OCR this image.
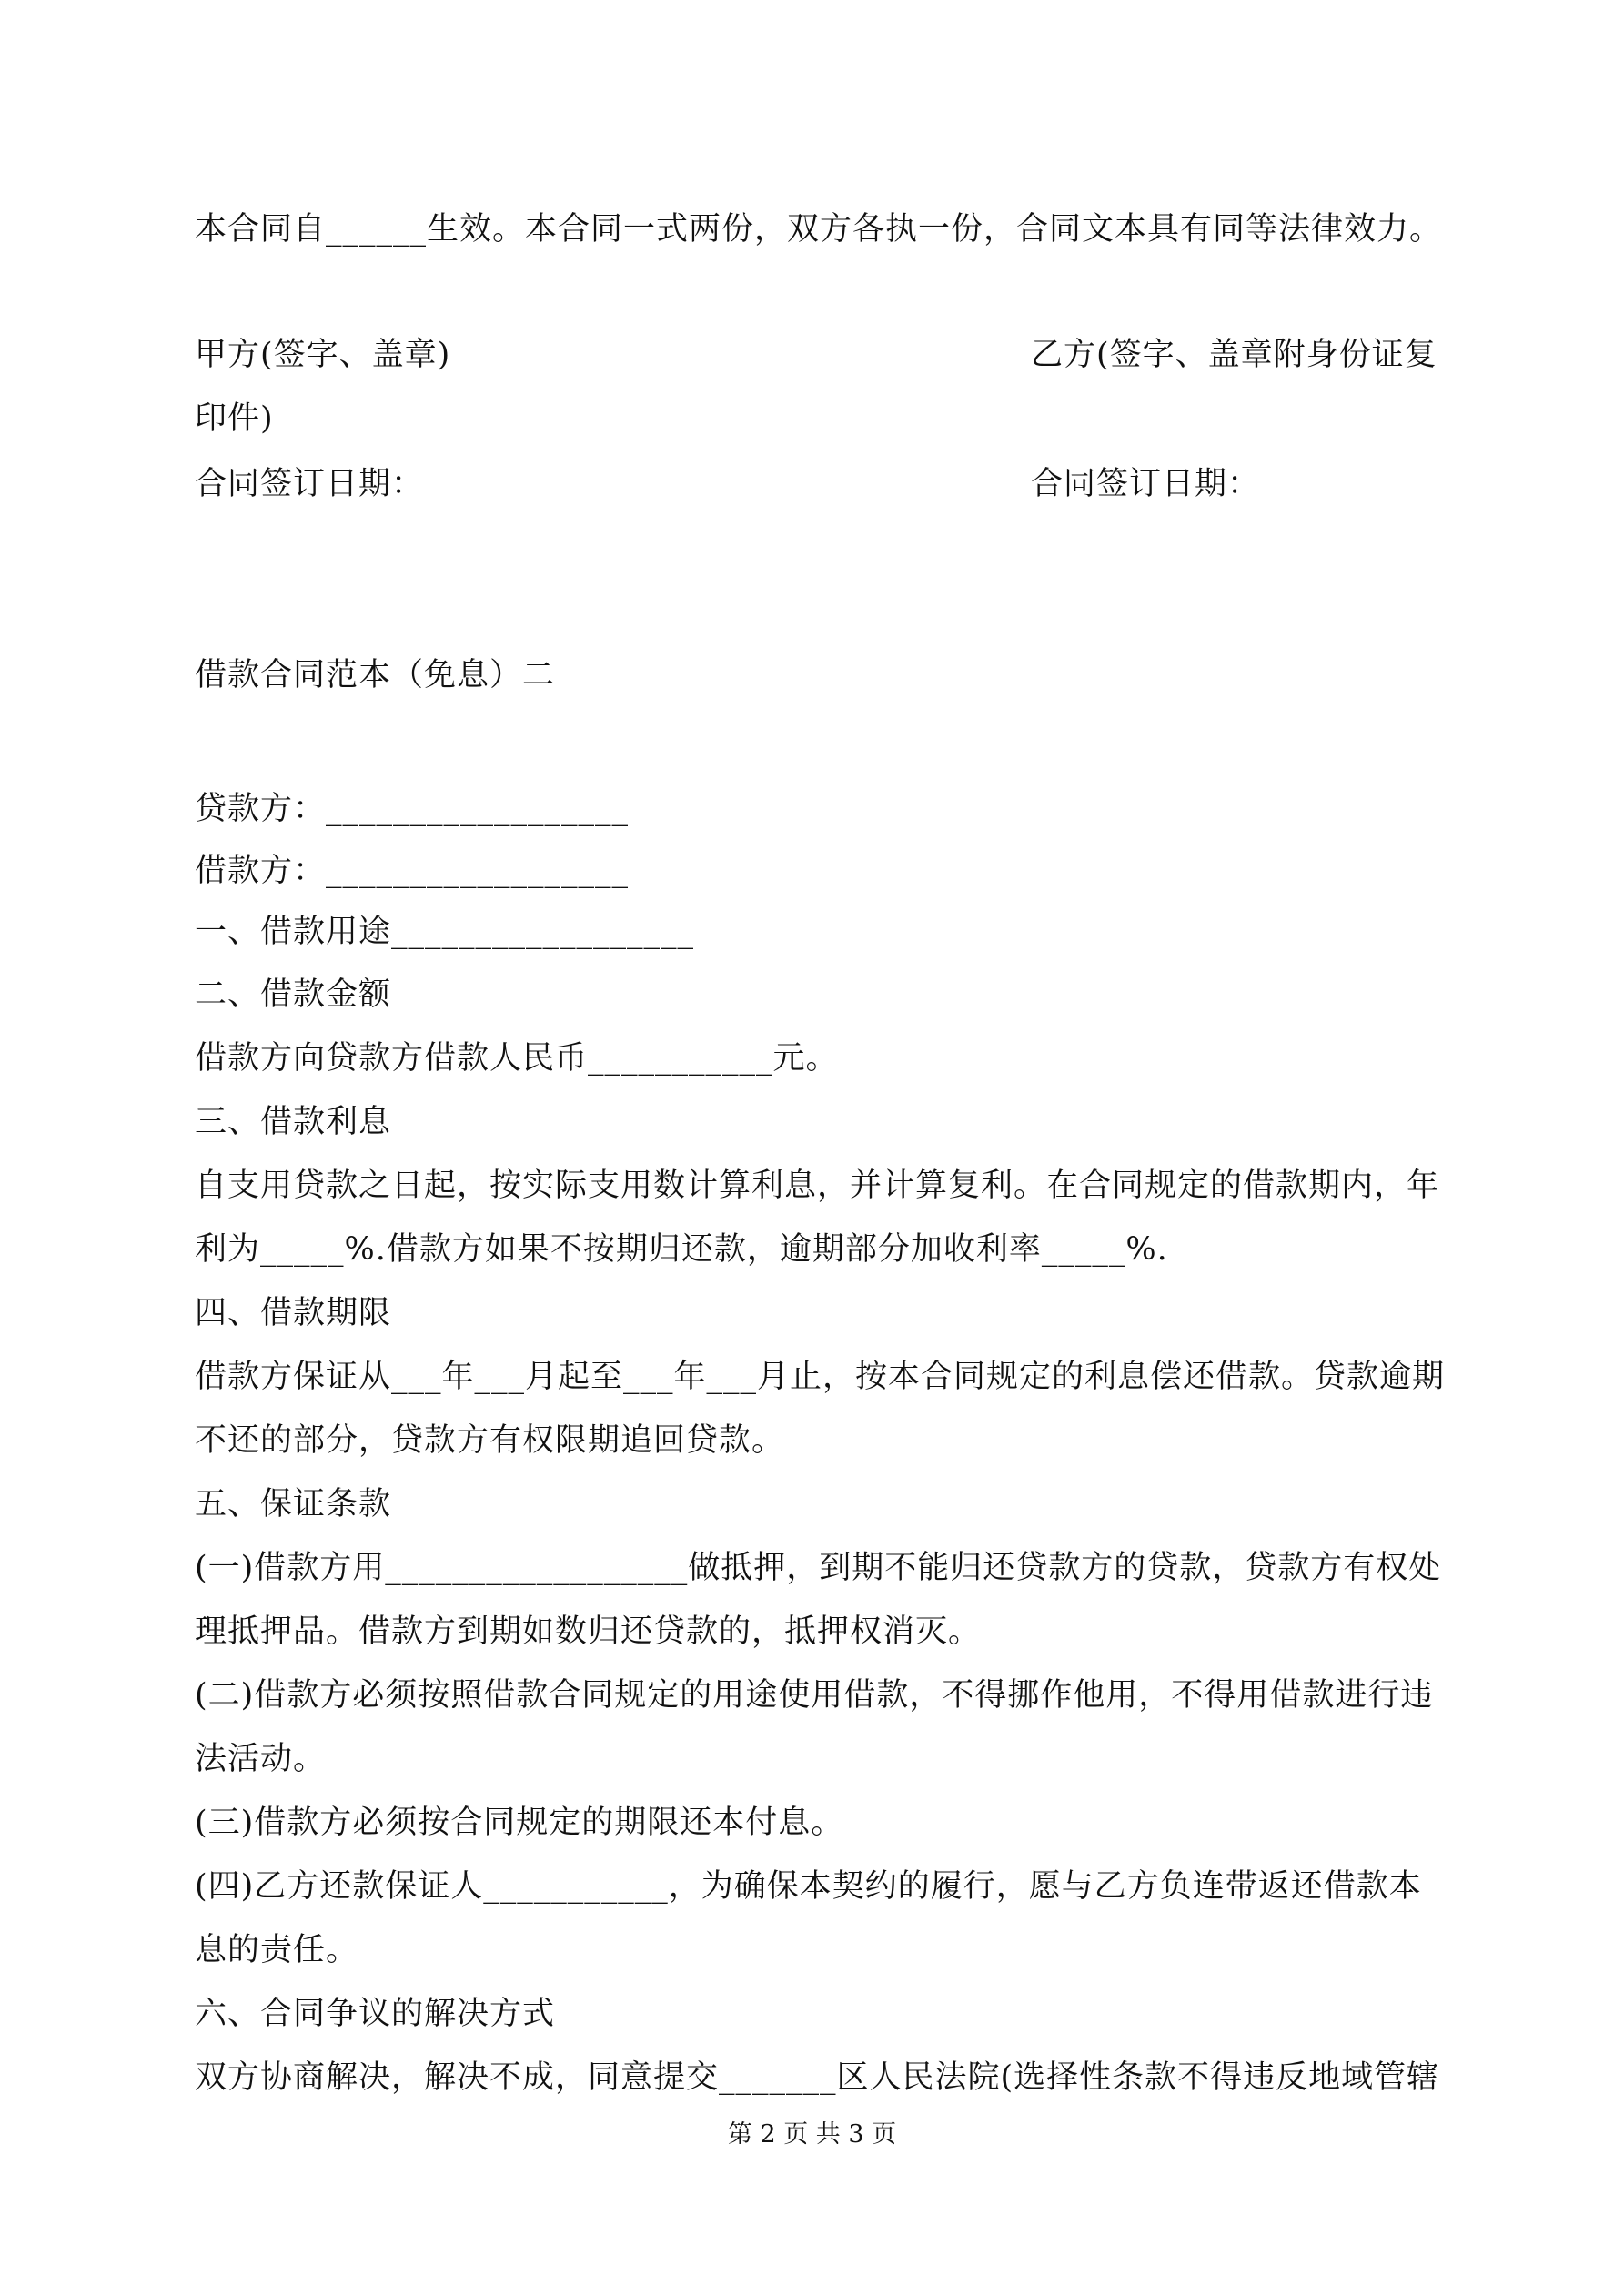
本合同自______生效。本合同一式两份，双方各执一份，合同文本具有同等法律效力。
甲方(签字、盖章)	乙方(签字、盖章附身份证复
印件)
合同签订日期：	合同签订日期：
借款合同范本（免息）二
贷款方：__________________
借款方：__________________
一、借款用途__________________
二、借款金额
借款方向贷款方借款人民币___________元。
三、借款利息
自支用贷款之日起，按实际支用数计算利息，并计算复利。在合同规定的借款期内，年
利为_____%.借款方如果不按期归还款，逾期部分加收利率_____%.
四、借款期限
借款方保证从___年___月起至___年___月止，按本合同规定的利息偿还借款。贷款逾期
不还的部分，贷款方有权限期追回贷款。
五、保证条款
(一)借款方用__________________做抵押，到期不能归还贷款方的贷款，贷款方有权处
理抵押品。借款方到期如数归还贷款的，抵押权消灭。
(二)借款方必须按照借款合同规定的用途使用借款，不得挪作他用，不得用借款进行违
法活动。
(三)借款方必须按合同规定的期限还本付息。
(四)乙方还款保证人___________，为确保本契约的履行，愿与乙方负连带返还借款本
息的责任。
六、合同争议的解决方式
双方协商解决，解决不成，同意提交_______区人民法院(选择性条款不得违反地域管辖
第 2 页 共 3 页
